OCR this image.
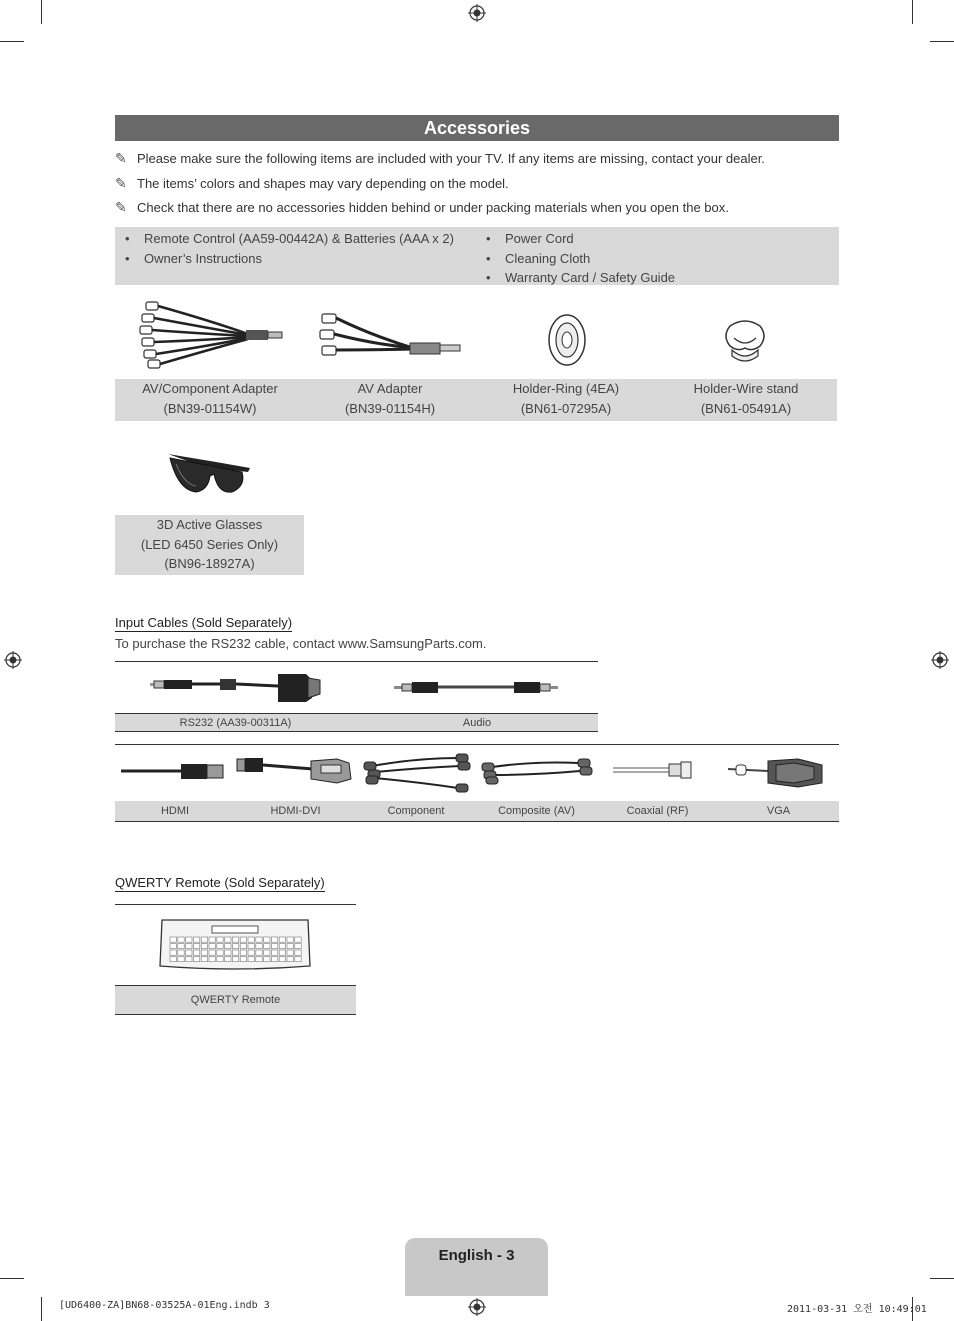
Accessories
✎ Please make sure the following items are included with your TV. If any items are missing, contact your dealer.
✎ The items’ colors and shapes may vary depending on the model.
✎ Check that there are no accessories hidden behind or under packing materials when you open the box.
• Remote Control (AA59-00442A) & Batteries (AAA x 2)
• Owner’s Instructions
• Power Cord
• Cleaning Cloth
• Warranty Card / Safety Guide
AV/Component Adapter
(BN39-01154W)
AV Adapter
(BN39-01154H)
Holder-Ring (4EA)
(BN61-07295A)
Holder-Wire stand
(BN61-05491A)
3D Active Glasses
(LED 6450 Series Only)
(BN96-18927A)
Input Cables (Sold Separately)
To purchase the RS232 cable, contact www.SamsungParts.com.
RS232 (AA39-00311A)	Audio
HDMI	HDMI-DVI	Component	Composite (AV)	Coaxial (RF)	VGA
QWERTY Remote (Sold Separately)
QWERTY Remote
English - 3
[UD6400-ZA]BN68-03525A-01Eng.indb 3	2011-03-31 오전 10:49:01
